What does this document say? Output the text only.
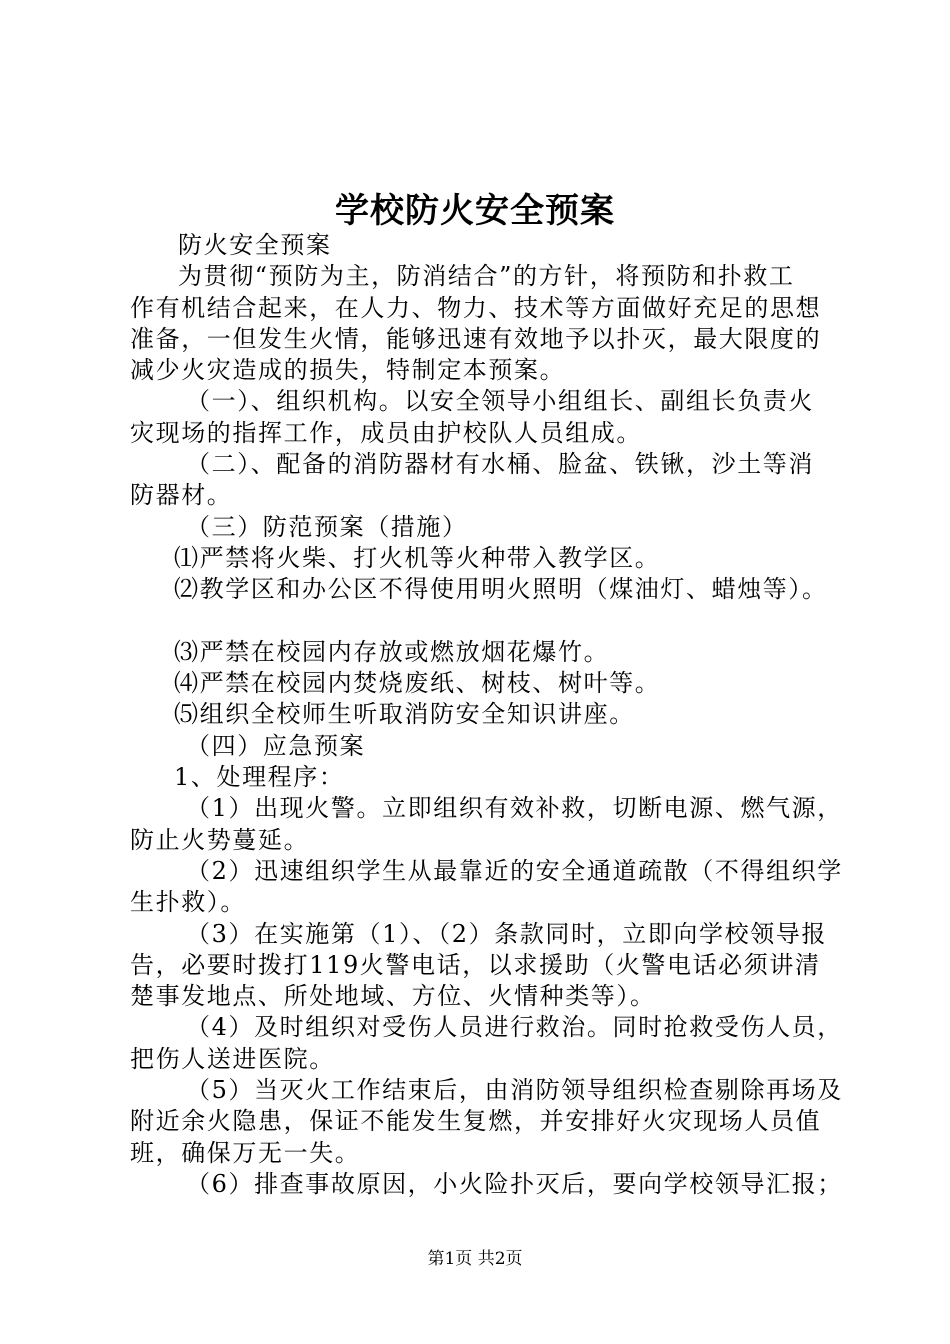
学校防火安全预案
防火安全预案
为贯彻“预防为主，防消结合”的方针，将预防和扑救工
作有机结合起来，在人力、物力、技术等方面做好充足的思想
准备，一但发生火情，能够迅速有效地予以扑灭，最大限度的
减少火灾造成的损失，特制定本预案。
（一）、组织机构。以安全领导小组组长、副组长负责火
灾现场的指挥工作，成员由护校队人员组成。
（二）、配备的消防器材有水桶、脸盆、铁锹，沙土等消
防器材。
（三）防范预案（措施）
⑴严禁将火柴、打火机等火种带入教学区。
⑵教学区和办公区不得使用明火照明（煤油灯、蜡烛等）。
⑶严禁在校园内存放或燃放烟花爆竹。
⑷严禁在校园内焚烧废纸、树枝、树叶等。
⑸组织全校师生听取消防安全知识讲座。
（四）应急预案
1、处理程序：
（1）出现火警。立即组织有效补救，切断电源、燃气源，
防止火势蔓延。
（2）迅速组织学生从最靠近的安全通道疏散（不得组织学
生扑救）。
（3）在实施第（1）、（2）条款同时，立即向学校领导报
告，必要时拨打119火警电话，以求援助（火警电话必须讲清
楚事发地点、所处地域、方位、火情种类等）。
（4）及时组织对受伤人员进行救治。同时抢救受伤人员，
把伤人送进医院。
（5）当灭火工作结束后，由消防领导组织检查剔除再场及
附近余火隐患，保证不能发生复燃，并安排好火灾现场人员值
班，确保万无一失。
（6）排查事故原因，小火险扑灭后，要向学校领导汇报；
第1页 共2页
